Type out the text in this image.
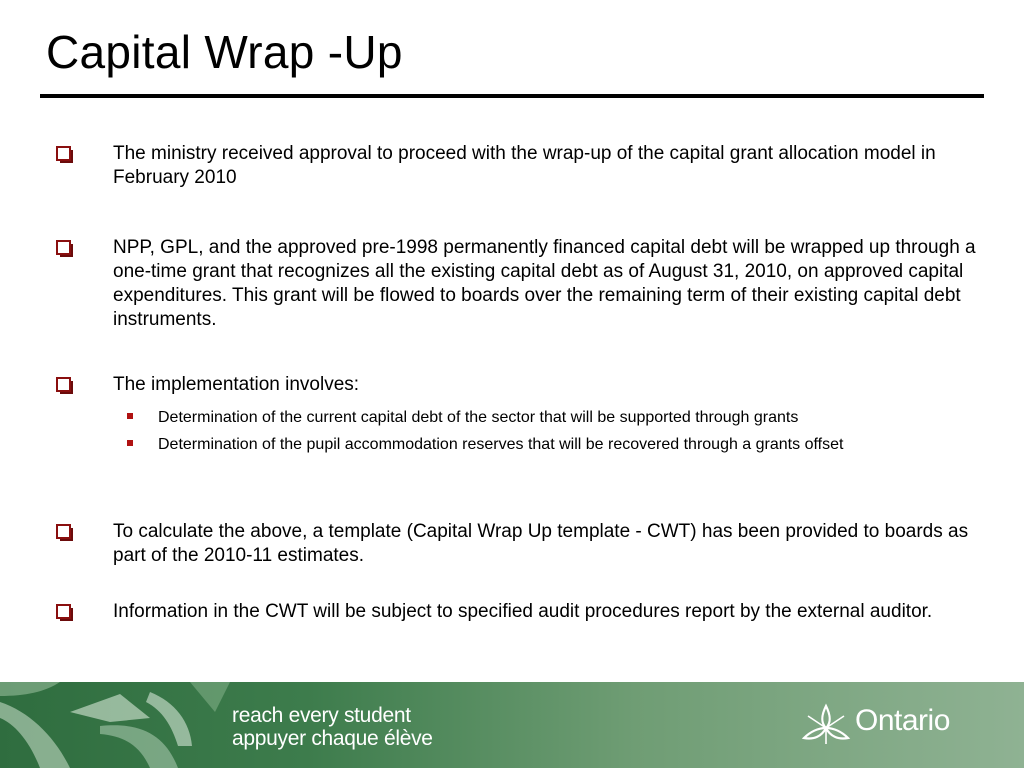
Capital Wrap -Up
The ministry received approval to proceed with the wrap-up of the capital grant allocation model in February 2010
NPP, GPL, and the approved pre-1998 permanently financed capital debt will be wrapped up through a one-time grant that recognizes all the existing capital debt as of August 31, 2010, on approved capital expenditures. This grant will be flowed to boards over the remaining term of their existing capital debt instruments.
The implementation involves:
Determination of the current capital debt of the sector that will be supported through grants
Determination of the pupil accommodation reserves that will be recovered through a grants offset
To calculate the above, a template (Capital Wrap Up template - CWT) has been provided to boards as part of the 2010-11 estimates.
Information in the CWT will be subject to specified audit procedures report by the external auditor.
reach every student
appuyer chaque élève
Ontario
